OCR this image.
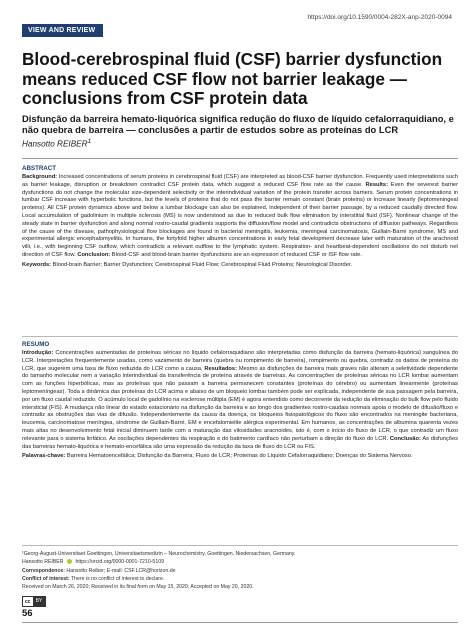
https://doi.org/10.1590/0004-282X-anp-2020-0094
VIEW AND REVIEW
Blood-cerebrospinal fluid (CSF) barrier dysfunction means reduced CSF flow not barrier leakage — conclusions from CSF protein data
Disfunção da barreira hemato-liquórica significa redução do fluxo de líquido cefalorraquidiano, e não quebra de barreira — conclusões a partir de estudos sobre as proteínas do LCR
Hansotto REIBER$^1$
ABSTRACT

Background: Increased concentrations of serum proteins in cerebrospinal fluid (CSF) are interpreted as blood-CSF barrier dysfunction. Frequently used interpretations such as barrier leakage, disruption or breakdown contradict CSF protein data, which suggest a reduced CSF flow rate as the cause. Results: Even the severest barrier dysfunctions do not change the molecular size-dependent selectivity or the interindividual variation of the protein transfer across barriers. Serum protein concentrations in lumbar CSF increase with hyperbolic functions, but the levels of proteins that do not pass the barrier remain constant (brain proteins) or increase linearly (leptomeningeal proteins). All CSF protein dynamics above and below a lumbar blockage can also be explained, independent of their barrier passage, by a reduced caudally directed flow. Local accumulation of gadolinium in multiple sclerosis (MS) is now understood as due to reduced bulk flow elimination by interstitial fluid (ISF). Nonlinear change of the steady state in barrier dysfunction and along normal rostro-caudal gradients supports the diffusion/flow model and contradicts obstructions of diffusion pathways. Regardless of the cause of the disease, pathophysiological flow blockages are found in bacterial meningitis, leukemia, meningeal carcinomatosis, Guillain-Barré syndrome, MS and experimental allergic encephalomyelitis. In humans, the fortyfold higher albumin concentrations in early fetal development decrease later with maturation of the arachnoid villi, i.e., with beginning CSF outflow, which contradicts a relevant outflow to the lymphatic system. Respiration- and heartbeat-dependent oscillations do not disturb net direction of CSF flow. Conclusion: Blood-CSF and blood-brain barrier dysfunctions are an expression of reduced CSF or ISF flow rate.

Keywords: Blood-brain Barrier; Barrier Dysfunction; Cerebrospinal Fluid Flow; Cerebrospinal Fluid Proteins; Neurological Disorder.

RESUMO

Introdução: Concentrações aumentadas de proteínas séricas no líquido cefalorraquidiano são interpretadas como disfunção da barreira (hemato-liquórica) sanguínea do LCR. Interpretações frequentemente usadas, como vazamento de barreira (quebra ou rompimento de barreira), rompimento ou quebra, contradiz os dados de proteína do LCR, que sugerem uma taxa de fluxo reduzida do LCR como a causa. Resultados: Mesmo as disfunções de barreira mais graves não alteram a seletividade dependente do tamanho molecular nem a variação interindividual da transferência de proteína através de barreiras. As concentrações de proteínas séricas no LCR lombar aumentam com as funções hiperbólicas, mas as proteínas que não passam a barreira permanecem constantes (proteínas do cérebro) ou aumentam linearmente (proteínas leptomeníngeas). Toda a dinâmica das proteínas do LCR acima e abaixo de um bloqueio lombar também pode ser explicada, independente de sua passagem pela barreira, por um fluxo caudal reduzido. O acúmulo local de gadolínio na esclerose múltipla (EM) é agora entendido como decorrente da redução da eliminação do bulk flow pelo fluido intersticial (FIS). A mudança não linear do estado estacionário na disfunção da barreira e ao longo dos gradientes rostro-caudais normais apoia o modelo de difusão/fluxo e contradiz as obstruções das vias de difusão. Independentemente da causa da doença, os bloqueios fisiopatológicos do fluxo são encontrados na meningite bacteriana, leucemia, carcinomatose meníngea, síndrome de Guillain-Barré, EM e encefalomielite alérgica experimental. Em humanos, as concentrações de albumina quarenta vezes mais altas no desenvolvimento fetal inicial diminuem tarde com a maturação das vilosidades aracnoides, isto é, com o início do fluxo de LCR, o que contradiz um fluxo relevante para o sistema linfático. As oscilações dependentes da respiração e do batimento cardíaco não perturbam a direção do fluxo do LCR. Conclusão: As disfunções das barreiras hemato-liquórica e hemato-encefálica são uma expressão da redução da taxa de fluxo do LCR ou FIS.

Palavras-chave: Barreira Hematoencefálica; Disfunção da Barreira; Fluxo de LCR; Proteínas do Líquido Cefalorraquidiano; Doenças do Sistema Nervoso.

¹Georg-August-Universitaet Goettingen, Universitaetsmedizin – Neurochemistry, Goettingen, Niedersachsen, Germany.
Hansotto REIBER https://orcid.org/0000-0001-7210-5109
Correspondence: Hansotto Reiber; E-mail: CSF.LCR@horizon.de
Conflict of interest: There is no conflict of interest to declare.
Received on March 26, 2020; Received in its final form on May 15, 2020; Accepted on May 20, 2020.
cc	BY
56
